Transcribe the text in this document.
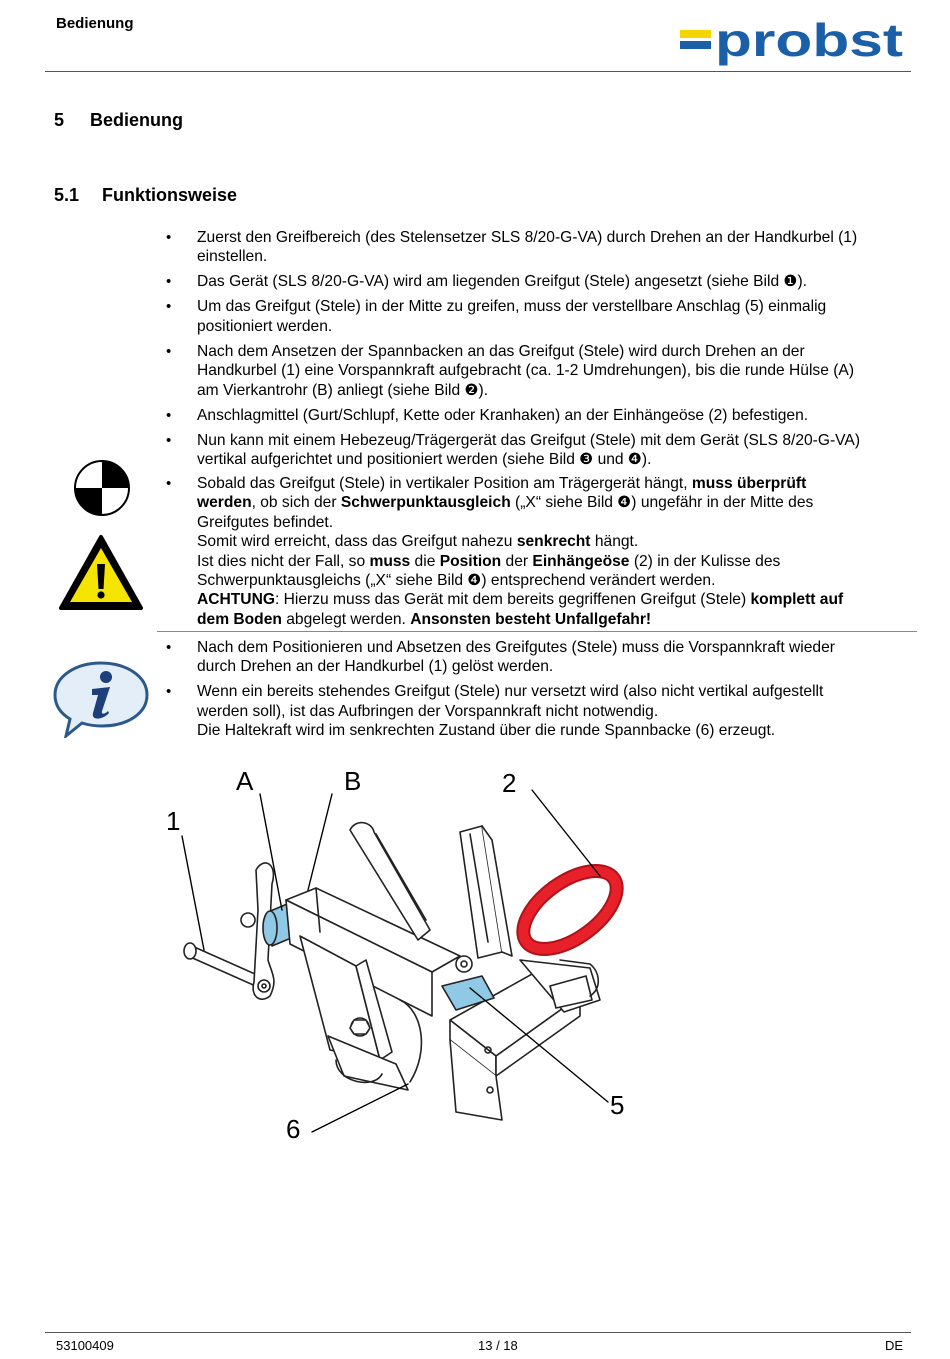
Bedienung	probst
5 Bedienung
5.1 Funktionsweise
• Zuerst den Greifbereich (des Stelensetzer SLS 8/20-G-VA) durch Drehen an der Handkurbel (1)
einstellen.
• Das Gerät (SLS 8/20-G-VA) wird am liegenden Greifgut (Stele) angesetzt (siehe Bild ❶).
• Um das Greifgut (Stele) in der Mitte zu greifen, muss der verstellbare Anschlag (5) einmalig
positioniert werden.
• Nach dem Ansetzen der Spannbacken an das Greifgut (Stele) wird durch Drehen an der
Handkurbel (1) eine Vorspannkraft aufgebracht (ca. 1-2 Umdrehungen), bis die runde Hülse (A)
am Vierkantrohr (B) anliegt (siehe Bild ❷).
• Anschlagmittel (Gurt/Schlupf, Kette oder Kranhaken) an der Einhängeöse (2) befestigen.
• Nun kann mit einem Hebezeug/Trägergerät das Greifgut (Stele) mit dem Gerät (SLS 8/20-G-VA)
vertikal aufgerichtet und positioniert werden (siehe Bild ❸ und ❹).
• Sobald das Greifgut (Stele) in vertikaler Position am Trägergerät hängt, muss überprüft
werden, ob sich der Schwerpunktausgleich („X“ siehe Bild ❹) ungefähr in der Mitte des
Greifgutes befindet.
Somit wird erreicht, dass das Greifgut nahezu senkrecht hängt.
Ist dies nicht der Fall, so muss die Position der Einhängeöse (2) in der Kulisse des
Schwerpunktausgleichs („X“ siehe Bild ❹) entsprechend verändert werden.
ACHTUNG: Hierzu muss das Gerät mit dem bereits gegriffenen Greifgut (Stele) komplett auf
dem Boden abgelegt werden. Ansonsten besteht Unfallgefahr!
• Nach dem Positionieren und Absetzen des Greifgutes (Stele) muss die Vorspannkraft wieder
durch Drehen an der Handkurbel (1) gelöst werden.
• Wenn ein bereits stehendes Greifgut (Stele) nur versetzt wird (also nicht vertikal aufgestellt
werden soll), ist das Aufbringen der Vorspannkraft nicht notwendig.
Die Haltekraft wird im senkrechten Zustand über die runde Spannbacke (6) erzeugt.
A	B
1
2
5
6
53100409	13 / 18	DE
